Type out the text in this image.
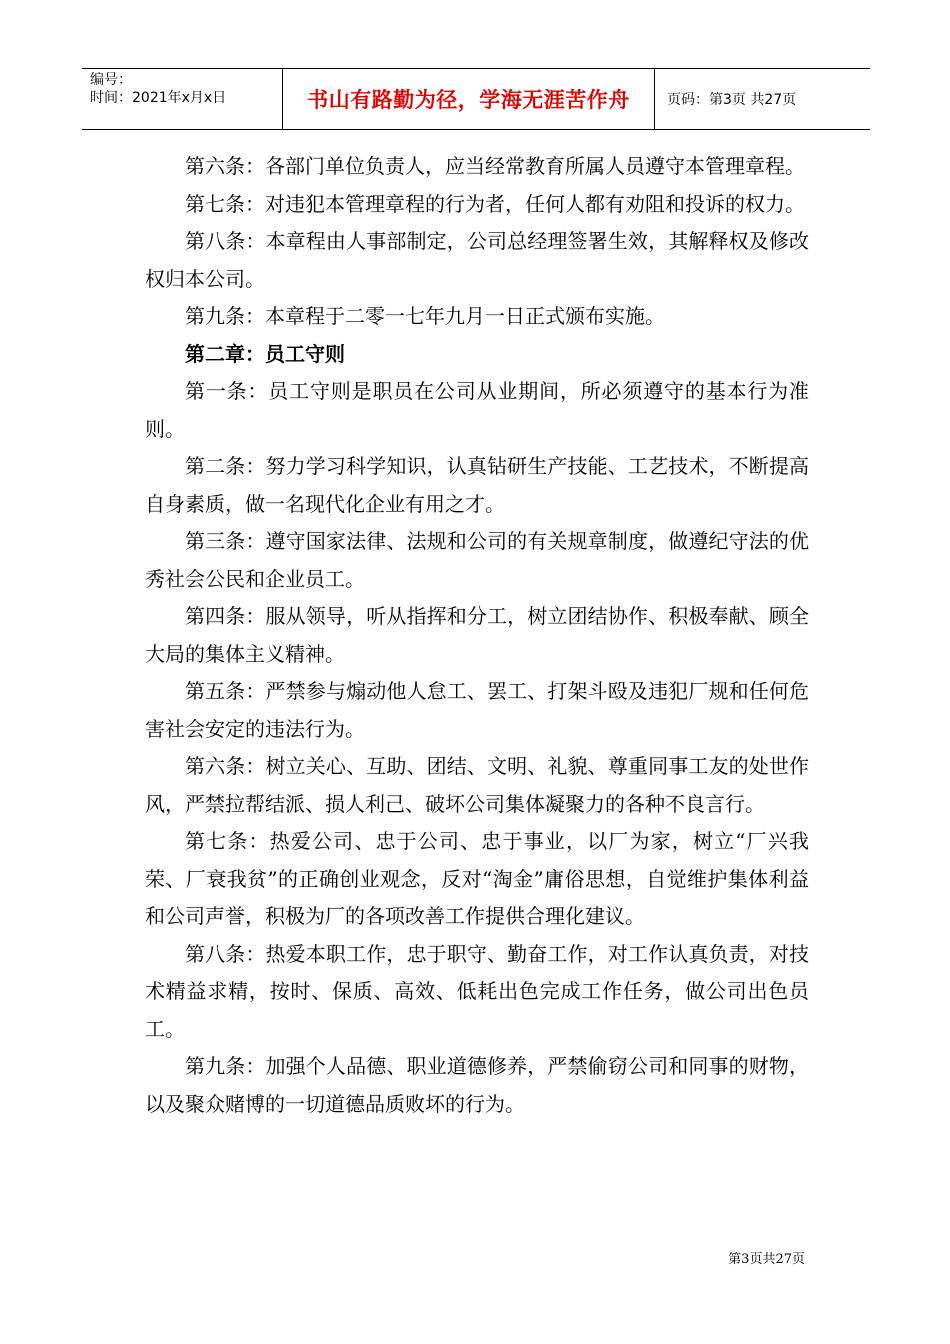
编号：
时间：2021年x月x日	书山有路勤为径，学海无涯苦作舟	页码：第3页 共27页

第六条：各部门单位负责人，应当经常教育所属人员遵守本管理章程。

第七条：对违犯本管理章程的行为者，任何人都有劝阻和投诉的权力。

第八条：本章程由人事部制定，公司总经理签署生效，其解释权及修改权归本公司。

第九条：本章程于二零一七年九月一日正式颁布实施。

第二章：员工守则

第一条：员工守则是职员在公司从业期间，所必须遵守的基本行为准则。

第二条：努力学习科学知识，认真钻研生产技能、工艺技术，不断提高自身素质，做一名现代化企业有用之才。

第三条：遵守国家法律、法规和公司的有关规章制度，做遵纪守法的优秀社会公民和企业员工。

第四条：服从领导，听从指挥和分工，树立团结协作、积极奉献、顾全大局的集体主义精神。

第五条：严禁参与煽动他人怠工、罢工、打架斗殴及违犯厂规和任何危害社会安定的违法行为。

第六条：树立关心、互助、团结、文明、礼貌、尊重同事工友的处世作风，严禁拉帮结派、损人利己、破坏公司集体凝聚力的各种不良言行。

第七条：热爱公司、忠于公司、忠于事业，以厂为家，树立“厂兴我荣、厂衰我贫”的正确创业观念，反对“淘金”庸俗思想，自觉维护集体利益和公司声誉，积极为厂的各项改善工作提供合理化建议。

第八条：热爱本职工作，忠于职守、勤奋工作，对工作认真负责，对技术精益求精，按时、保质、高效、低耗出色完成工作任务，做公司出色员工。

第九条：加强个人品德、职业道德修养，严禁偷窃公司和同事的财物，以及聚众赌博的一切道德品质败坏的行为。

第3页共27页
